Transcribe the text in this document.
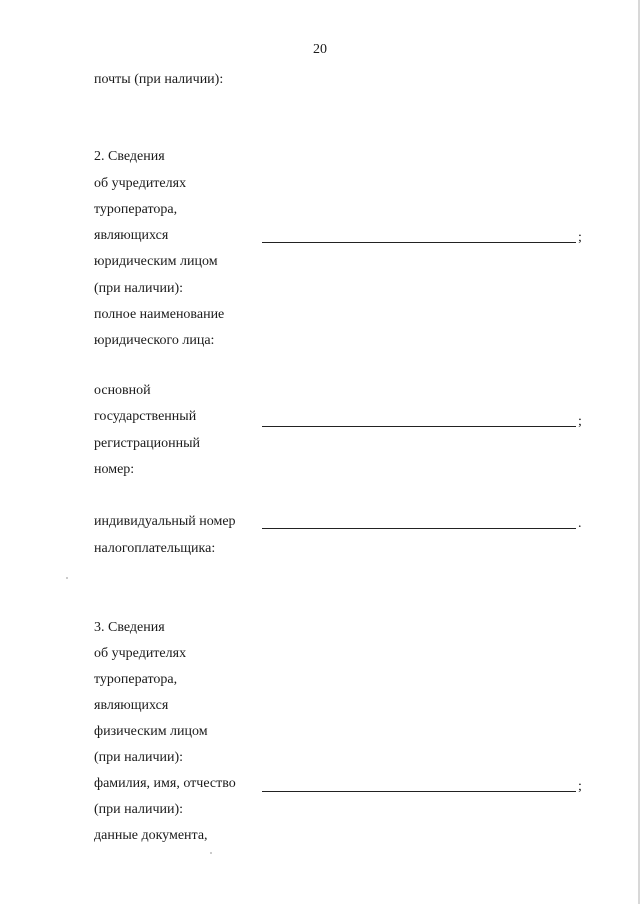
20
почты (при наличии):
2. Сведения
об учредителях
туроператора,
являющихся
юридическим лицом
(при наличии):
полное наименование
юридического лица:
;
основной
государственный
регистрационный
номер:
;
индивидуальный номер
налогоплательщика:
.
3. Сведения
об учредителях
туроператора,
являющихся
физическим лицом
(при наличии):
фамилия, имя, отчество
(при наличии):
данные документа,
;
